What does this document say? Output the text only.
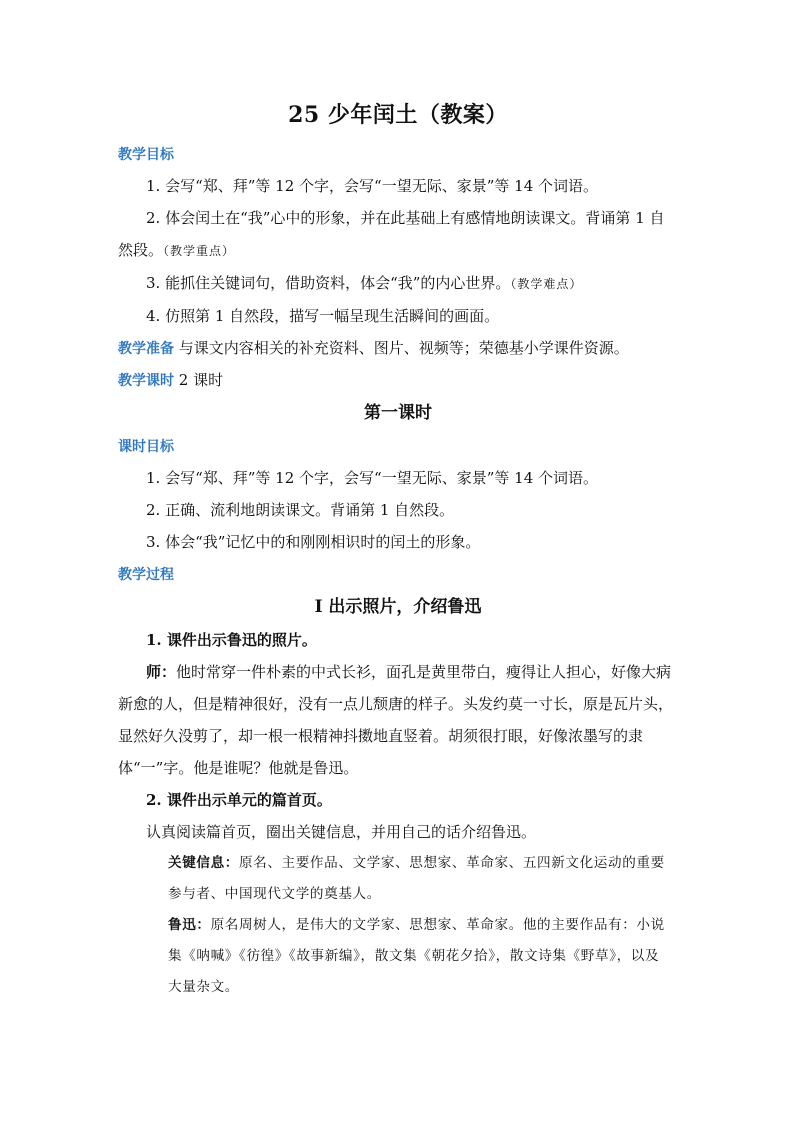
25 少年闰土（教案）

教学目标

1. 会写“郑、拜”等 12 个字，会写“一望无际、家景”等 14 个词语。

2. 体会闰土在“我”心中的形象，并在此基础上有感情地朗读课文。背诵第 1 自然段。（教学重点）

3. 能抓住关键词句，借助资料，体会“我”的内心世界。（教学难点）

4. 仿照第 1 自然段，描写一幅呈现生活瞬间的画面。

教学准备 与课文内容相关的补充资料、图片、视频等；荣德基小学课件资源。

教学课时 2 课时

第一课时

课时目标

1. 会写“郑、拜”等 12 个字，会写“一望无际、家景”等 14 个词语。

2. 正确、流利地朗读课文。背诵第 1 自然段。

3. 体会“我”记忆中的和刚刚相识时的闰土的形象。

教学过程

Ⅰ 出示照片，介绍鲁迅

1. 课件出示鲁迅的照片。

师：他时常穿一件朴素的中式长衫，面孔是黄里带白，瘦得让人担心，好像大病新愈的人，但是精神很好，没有一点儿颓唐的样子。头发约莫一寸长，原是瓦片头，显然好久没剪了，却一根一根精神抖擞地直竖着。胡须很打眼，好像浓墨写的隶体“一”字。他是谁呢？他就是鲁迅。

2. 课件出示单元的篇首页。

认真阅读篇首页，圈出关键信息，并用自己的话介绍鲁迅。

关键信息：原名、主要作品、文学家、思想家、革命家、五四新文化运动的重要参与者、中国现代文学的奠基人。

鲁迅：原名周树人，是伟大的文学家、思想家、革命家。他的主要作品有：小说集《呐喊》《彷徨》《故事新编》，散文集《朝花夕拾》，散文诗集《野草》，以及大量杂文。
